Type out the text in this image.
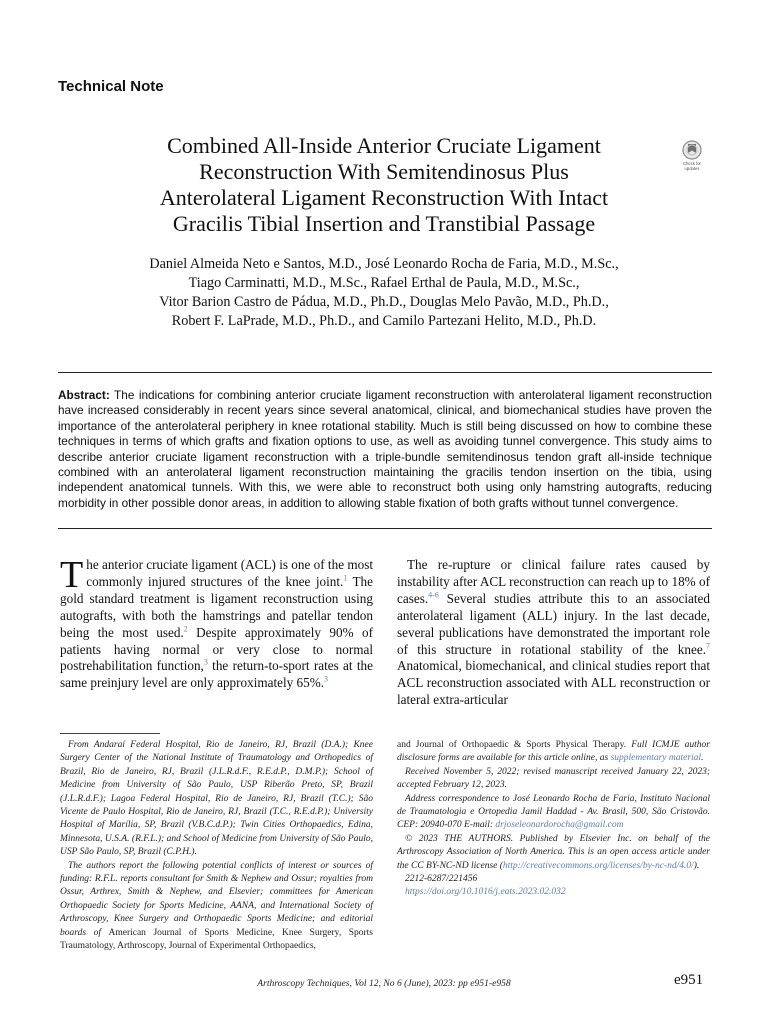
Technical Note
Combined All-Inside Anterior Cruciate Ligament
Reconstruction With Semitendinosus Plus
Anterolateral Ligament Reconstruction With Intact
Gracilis Tibial Insertion and Transtibial Passage
Check for
updates
Daniel Almeida Neto e Santos, M.D., José Leonardo Rocha de Faria, M.D., M.Sc.,
Tiago Carminatti, M.D., M.Sc., Rafael Erthal de Paula, M.D., M.Sc.,
Vitor Barion Castro de Pádua, M.D., Ph.D., Douglas Melo Pavão, M.D., Ph.D.,
Robert F. LaPrade, M.D., Ph.D., and Camilo Partezani Helito, M.D., Ph.D.
Abstract: The indications for combining anterior cruciate ligament reconstruction with anterolateral ligament reconstruction have increased considerably in recent years since several anatomical, clinical, and biomechanical studies have proven the importance of the anterolateral periphery in knee rotational stability. Much is still being discussed on how to combine these techniques in terms of which grafts and fixation options to use, as well as avoiding tunnel convergence. This study aims to describe anterior cruciate ligament reconstruction with a triple-bundle semitendinosus tendon graft all-inside technique combined with an anterolateral ligament reconstruction maintaining the gracilis tendon insertion on the tibia, using independent anatomical tunnels. With this, we were able to reconstruct both using only hamstring autografts, reducing morbidity in other possible donor areas, in addition to allowing stable fixation of both grafts without tunnel convergence.
The anterior cruciate ligament (ACL) is one of the most commonly injured structures of the knee joint.$^1$ The gold standard treatment is ligament reconstruction using autografts, with both the hamstrings and patellar tendon being the most used.$^2$ Despite approximately 90% of patients having normal or very close to normal postrehabilitation function,$^3$ the return-to-sport rates at the same preinjury level are only approximately 65%.$^3$
The re-rupture or clinical failure rates caused by instability after ACL reconstruction can reach up to 18% of cases.$^{4-6}$ Several studies attribute this to an associated anterolateral ligament (ALL) injury. In the last decade, several publications have demonstrated the important role of this structure in rotational stability of the knee.$^7$ Anatomical, biomechanical, and clinical studies report that ACL reconstruction associated with ALL reconstruction or lateral extra-articular

From Andaraí Federal Hospital, Rio de Janeiro, RJ, Brazil (D.A.); Knee Surgery Center of the National Institute of Traumatology and Orthopedics of Brazil, Rio de Janeiro, RJ, Brazil (J.L.R.d.F., R.E.d.P., D.M.P.); School of Medicine from University of São Paulo, USP Riberão Preto, SP, Brazil (J.L.R.d.F.); Lagoa Federal Hospital, Rio de Janeiro, RJ, Brazil (T.C.); São Vicente de Paulo Hospital, Rio de Janeiro, RJ, Brazil (T.C., R.E.d.P.); University Hospital of Marília, SP, Brazil (V.B.C.d.P.); Twin Cities Orthopaedics, Edina, Minnesota, U.S.A. (R.F.L.); and School of Medicine from University of São Paulo, USP São Paulo, SP, Brazil (C.P.H.).

The authors report the following potential conflicts of interest or sources of funding: R.F.L. reports consultant for Smith & Nephew and Ossur; royalties from Ossur, Arthrex, Smith & Nephew, and Elsevier; committees for American Orthopaedic Society for Sports Medicine, AANA, and International Society of Arthroscopy, Knee Surgery and Orthopaedic Sports Medicine; and editorial boards of American Journal of Sports Medicine, Knee Surgery, Sports Traumatology, Arthroscopy, Journal of Experimental Orthopaedics,

and Journal of Orthopaedic & Sports Physical Therapy. Full ICMJE author disclosure forms are available for this article online, as supplementary material.

Received November 5, 2022; revised manuscript received January 22, 2023; accepted February 12, 2023.

Address correspondence to José Leonardo Rocha de Faria, Instituto Nacional de Traumatologia e Ortopedia Jamil Haddad - Av. Brasil, 500, São Cristovão. CEP: 20940-070 E-mail: drjoseleonardorocha@gmail.com

© 2023 THE AUTHORS. Published by Elsevier Inc. on behalf of the Arthroscopy Association of North America. This is an open access article under the CC BY-NC-ND license (http://creativecommons.org/licenses/by-nc-nd/4.0/).

2212-6287/221456

https://doi.org/10.1016/j.eats.2023.02.032

Arthroscopy Techniques, Vol 12, No 6 (June), 2023: pp e951-e958	e951
